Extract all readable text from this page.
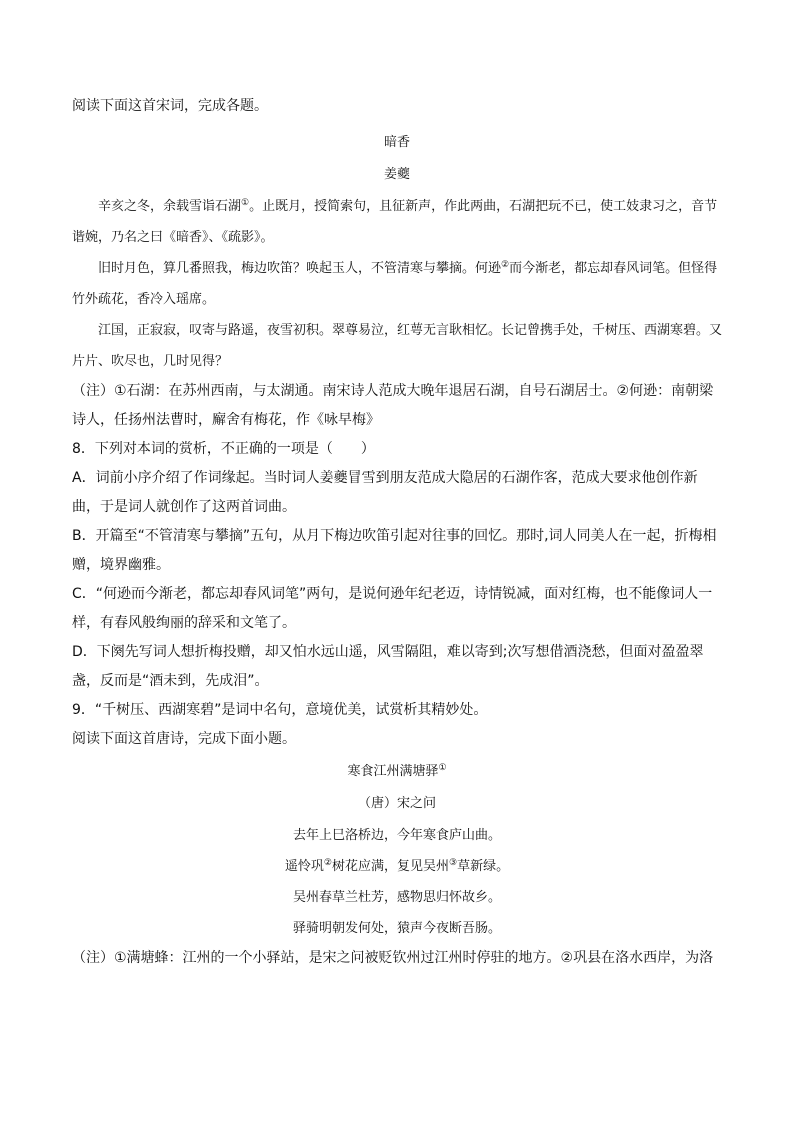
阅读下面这首宋词，完成各题。

暗香

姜夔

辛亥之冬，余载雪诣石湖①。止既月，授简索句，且征新声，作此两曲，石湖把玩不已，使工妓隶习之，音节谐婉，乃名之曰《暗香》、《疏影》。

旧时月色，算几番照我，梅边吹笛？唤起玉人，不管清寒与攀摘。何逊②而今渐老，都忘却春风词笔。但怪得竹外疏花，香冷入瑶席。

江国，正寂寂，叹寄与路遥，夜雪初积。翠尊易泣，红萼无言耿相忆。长记曾携手处，千树压、西湖寒碧。又片片、吹尽也，几时见得？

（注）①石湖：在苏州西南，与太湖通。南宋诗人范成大晚年退居石湖，自号石湖居士。②何逊：南朝梁诗人，任扬州法曹时，廨舍有梅花，作《咏早梅》

8．下列对本词的赏析，不正确的一项是（　　）

A．词前小序介绍了作词缘起。当时词人姜夔冒雪到朋友范成大隐居的石湖作客，范成大要求他创作新曲，于是词人就创作了这两首词曲。

B．开篇至“不管清寒与攀摘”五句，从月下梅边吹笛引起对往事的回忆。那时,词人同美人在一起，折梅相赠，境界幽雅。

C．“何逊而今渐老，都忘却春风词笔”两句，是说何逊年纪老迈，诗情锐减，面对红梅，也不能像词人一样，有春风般绚丽的辞采和文笔了。

D．下阕先写词人想折梅投赠，却又怕水远山遥，风雪隔阻，难以寄到;次写想借酒浇愁，但面对盈盈翠盏，反而是“酒未到，先成泪”。

9．“千树压、西湖寒碧”是词中名句，意境优美，试赏析其精妙处。

阅读下面这首唐诗，完成下面小题。

寒食江州满塘驿①

（唐）宋之问

去年上巳洛桥边，今年寒食庐山曲。

遥怜巩②树花应满，复见吴州③草新绿。

吴州春草兰杜芳，感物思归怀故乡。

驿骑明朝发何处，猿声今夜断吾肠。

（注）①满塘蜂：江州的一个小驿站，是宋之问被贬钦州过江州时停驻的地方。②巩县在洛水西岸，为洛
